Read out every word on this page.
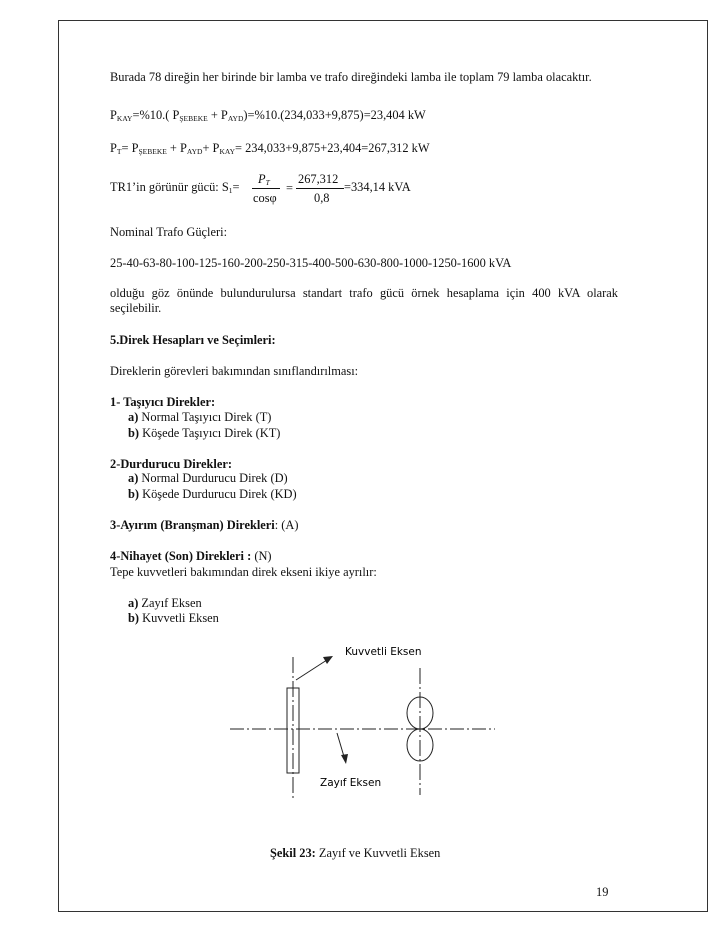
Burada 78 direğin her birinde bir lamba ve trafo direğindeki lamba ile toplam 79 lamba olacaktır.
$P_{KAY}=\%10$.( $P_{ŞEBEKE} + P_{AYD})=\%10.(234,033+9,875)=23,404$ kW
$P_T= P_{ŞEBEKE} + P_{AYD}+ P_{KAY}= 234,033+9,875+23,404=267,312$ kW
TR1’in görünür gücü: $S_1=$
$P_T$
cosφ
=
267,312
0,8
=334,14 kVA
Nominal Trafo Güçleri:
25-40-63-80-100-125-160-200-250-315-400-500-630-800-1000-1250-1600 kVA
olduğu göz önünde bulundurulursa standart trafo gücü örnek hesaplama için 400 kVA olarak seçilebilir.
5.Direk Hesapları ve Seçimleri:
Direklerin görevleri bakımından sınıflandırılması:
1- Taşıyıcı Direkler:
a) Normal Taşıyıcı Direk (T)
b) Köşede Taşıyıcı Direk (KT)
2-Durdurucu Direkler:
a) Normal Durdurucu Direk (D)
b) Köşede Durdurucu Direk (KD)
3-Ayırım (Branşman) Direkleri: (A)
4-Nihayet (Son) Direkleri : (N)
Tepe kuvvetleri bakımından direk ekseni ikiye ayrılır:
a) Zayıf Eksen
b) Kuvvetli Eksen
Kuvvetli Eksen
Zayıf Eksen
Şekil 23: Zayıf ve Kuvvetli Eksen
19
